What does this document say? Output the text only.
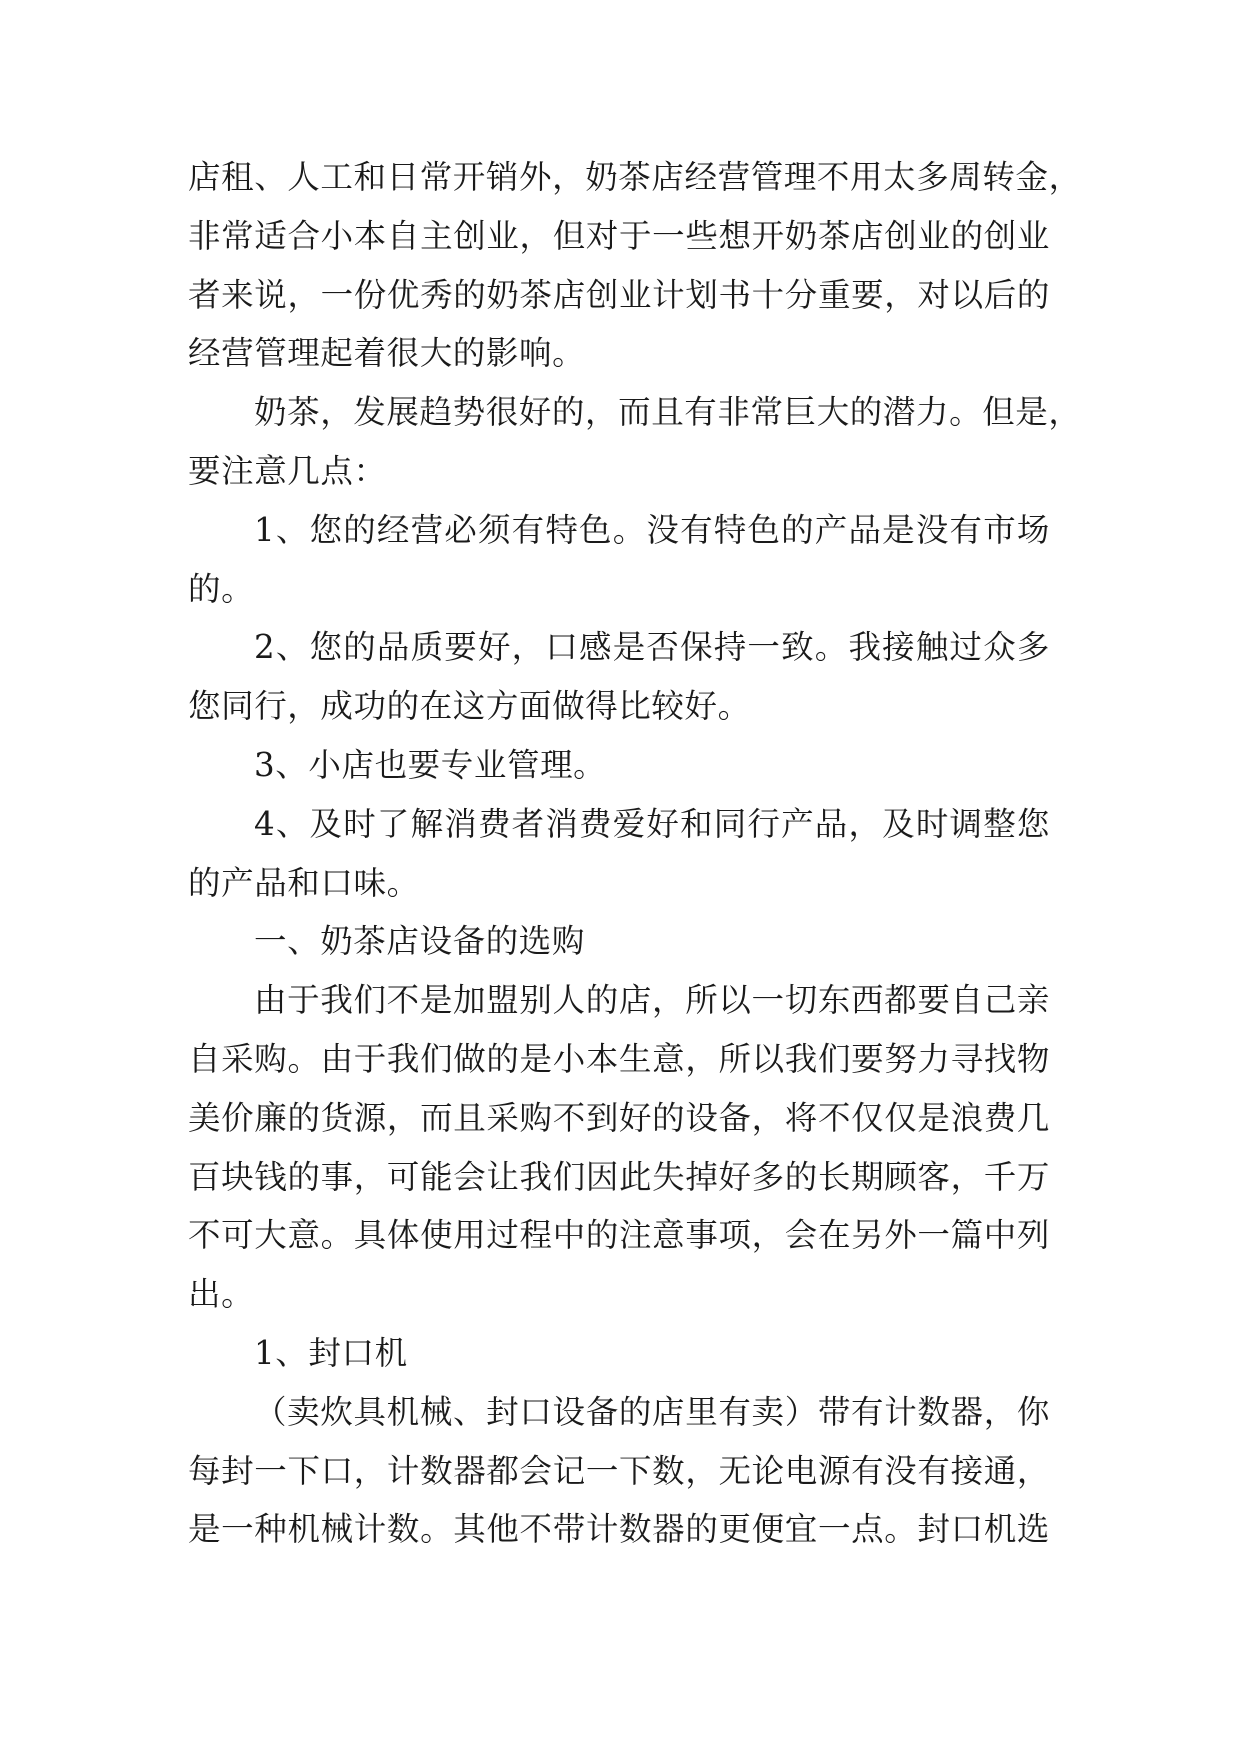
店租、人工和日常开销外，奶茶店经营管理不用太多周转金，
非常适合小本自主创业，但对于一些想开奶茶店创业的创业
者来说，一份优秀的奶茶店创业计划书十分重要，对以后的
经营管理起着很大的影响。

奶茶，发展趋势很好的，而且有非常巨大的潜力。但是，
要注意几点：

1、您的经营必须有特色。没有特色的产品是没有市场
的。

2、您的品质要好，口感是否保持一致。我接触过众多
您同行，成功的在这方面做得比较好。

3、小店也要专业管理。

4、及时了解消费者消费爱好和同行产品，及时调整您
的产品和口味。

一、奶茶店设备的选购

由于我们不是加盟别人的店，所以一切东西都要自己亲
自采购。由于我们做的是小本生意，所以我们要努力寻找物
美价廉的货源，而且采购不到好的设备，将不仅仅是浪费几
百块钱的事，可能会让我们因此失掉好多的长期顾客，千万
不可大意。具体使用过程中的注意事项，会在另外一篇中列
出。

1、封口机

（卖炊具机械、封口设备的店里有卖）带有计数器，你
每封一下口，计数器都会记一下数，无论电源有没有接通，
是一种机械计数。其他不带计数器的更便宜一点。封口机选
